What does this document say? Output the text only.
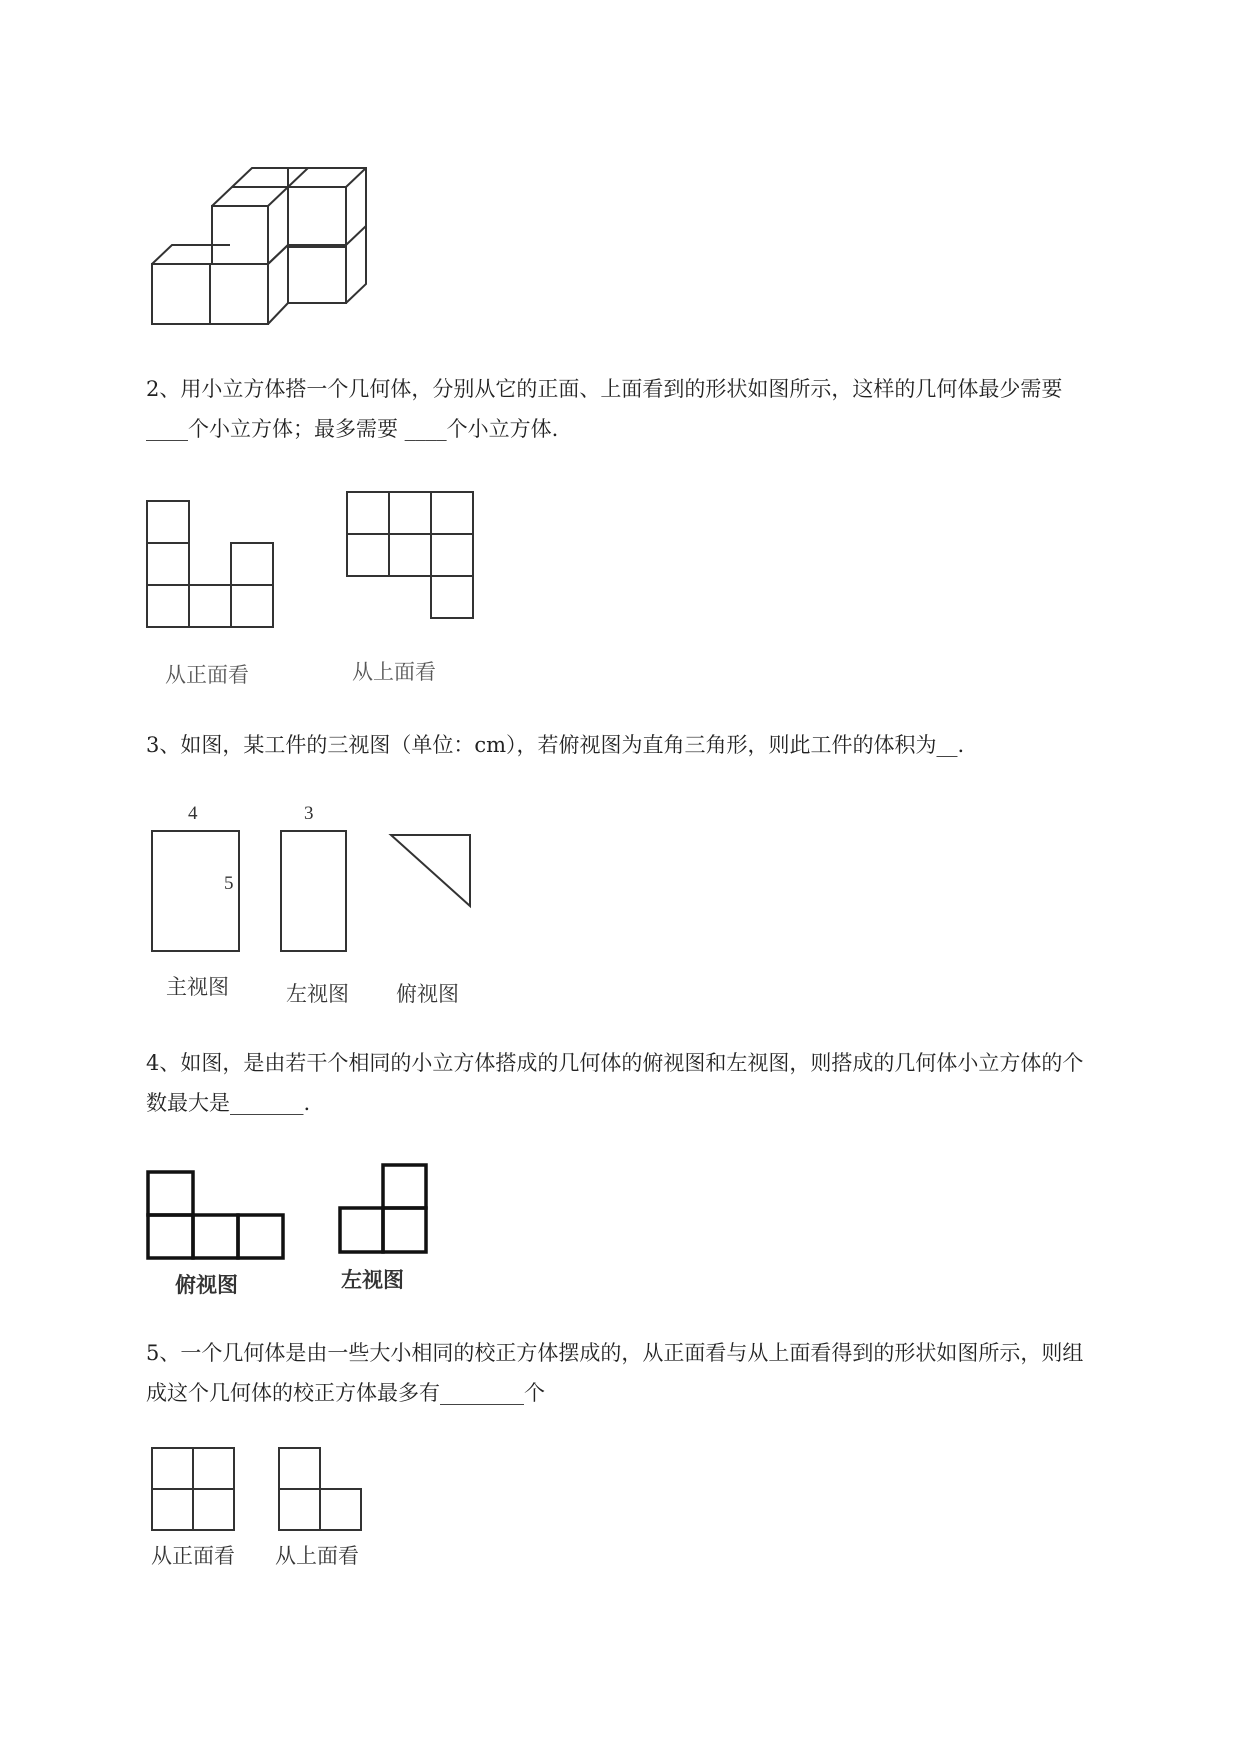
2、用小立方体搭一个几何体，分别从它的正面、上面看到的形状如图所示，这样的几何体最少需要
____个小立方体；最多需要 ____个小立方体.
从正面看	从上面看
3、如图，某工件的三视图（单位：cm），若俯视图为直角三角形，则此工件的体积为__.
4	3
5
主视图	左视图 俯视图
4、如图，是由若干个相同的小立方体搭成的几何体的俯视图和左视图，则搭成的几何体小立方体的个
数最大是_______.
俯视图	左视图
5、一个几何体是由一些大小相同的校正方体摆成的，从正面看与从上面看得到的形状如图所示，则组
成这个几何体的校正方体最多有________个
从正面看 从上面看
